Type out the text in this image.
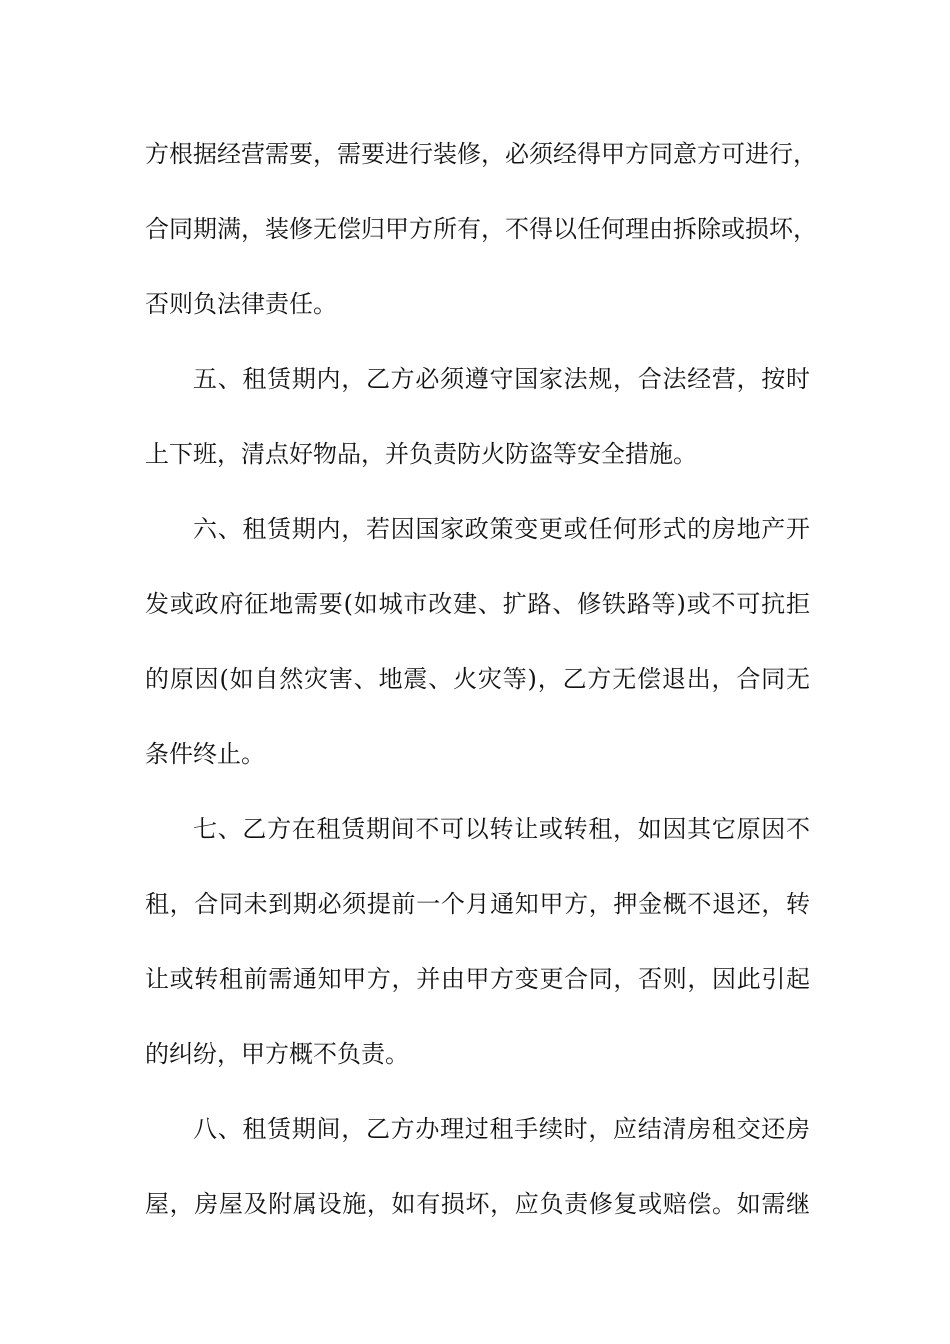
方根据经营需要，需要进行装修，必须经得甲方同意方可进行，
合同期满，装修无偿归甲方所有，不得以任何理由拆除或损坏，
否则负法律责任。
五、租赁期内，乙方必须遵守国家法规，合法经营，按时
上下班，清点好物品，并负责防火防盗等安全措施。
六、租赁期内，若因国家政策变更或任何形式的房地产开
发或政府征地需要(如城市改建、扩路、修铁路等)或不可抗拒
的原因(如自然灾害、地震、火灾等)，乙方无偿退出，合同无
条件终止。
七、乙方在租赁期间不可以转让或转租，如因其它原因不
租，合同未到期必须提前一个月通知甲方，押金概不退还，转
让或转租前需通知甲方，并由甲方变更合同，否则，因此引起
的纠纷，甲方概不负责。
八、租赁期间，乙方办理过租手续时，应结清房租交还房
屋，房屋及附属设施，如有损坏，应负责修复或赔偿。如需继
